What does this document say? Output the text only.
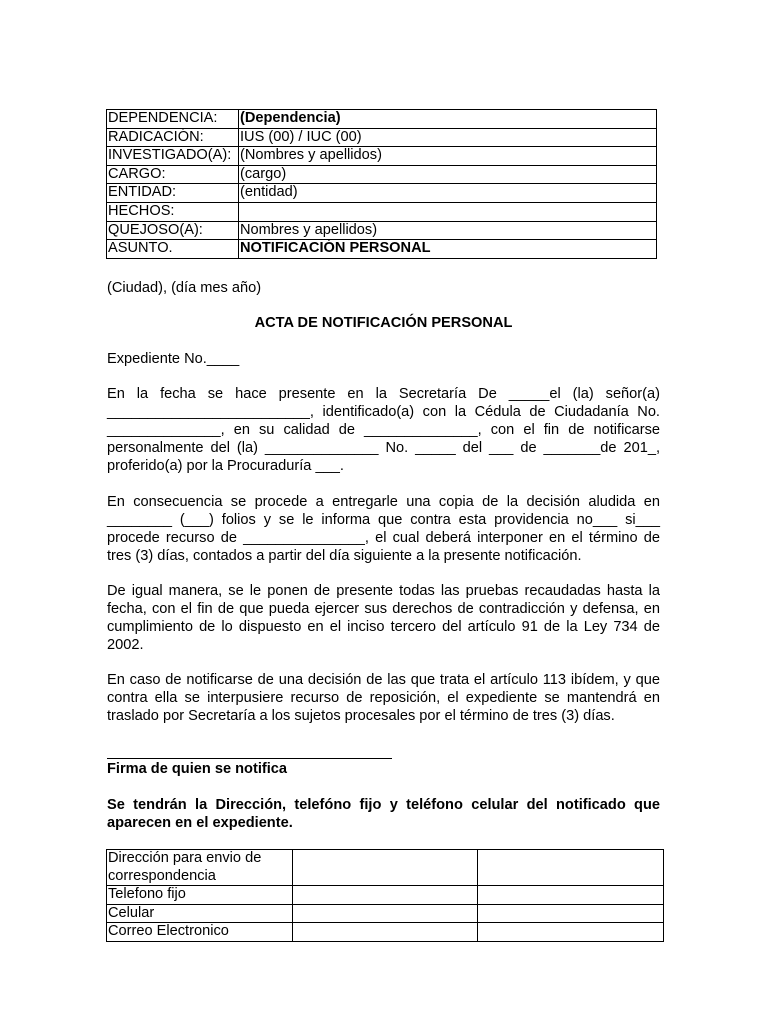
DEPENDENCIA:	(Dependencia)
RADICACIÓN:	IUS (00) / IUC (00)
INVESTIGADO(A):	(Nombres y apellidos)
CARGO:	(cargo)
ENTIDAD:	(entidad)
HECHOS:	
QUEJOSO(A):	Nombres y apellidos)
ASUNTO.	NOTIFICACIÓN PERSONAL
(Ciudad), (día mes año)
ACTA DE NOTIFICACIÓN PERSONAL
Expediente No.____
En la fecha se hace presente en la Secretaría De _____el (la) señor(a) _________________________, identificado(a) con la Cédula de Ciudadanía No. ______________, en su calidad de ______________, con el fin de notificarse personalmente del (la) ______________ No. _____ del ___ de _______de 201_, proferido(a) por la Procuraduría ___.
En consecuencia se procede a entregarle una copia de la decisión aludida en ________ (___) folios y se le informa que contra esta providencia no___ si___ procede recurso de _______________, el cual deberá interponer en el término de tres (3) días, contados a partir del día siguiente a la presente notificación.
De igual manera, se le ponen de presente todas las pruebas recaudadas hasta la fecha, con el fin de que pueda ejercer sus derechos de contradicción y defensa, en cumplimiento de lo dispuesto en el inciso tercero del artículo 91 de la Ley 734 de 2002.
En caso de notificarse de una decisión de las que trata el artículo 113 ibídem, y que contra ella se interpusiere recurso de reposición, el expediente se mantendrá en traslado por Secretaría a los sujetos procesales por el término de tres (3) días.
Firma de quien se notifica
Se tendrán la Dirección, telefóno fijo y teléfono celular del notificado que aparecen en el expediente.
Dirección para envio de correspondencia		
Telefono fijo		
Celular		
Correo Electronico		
